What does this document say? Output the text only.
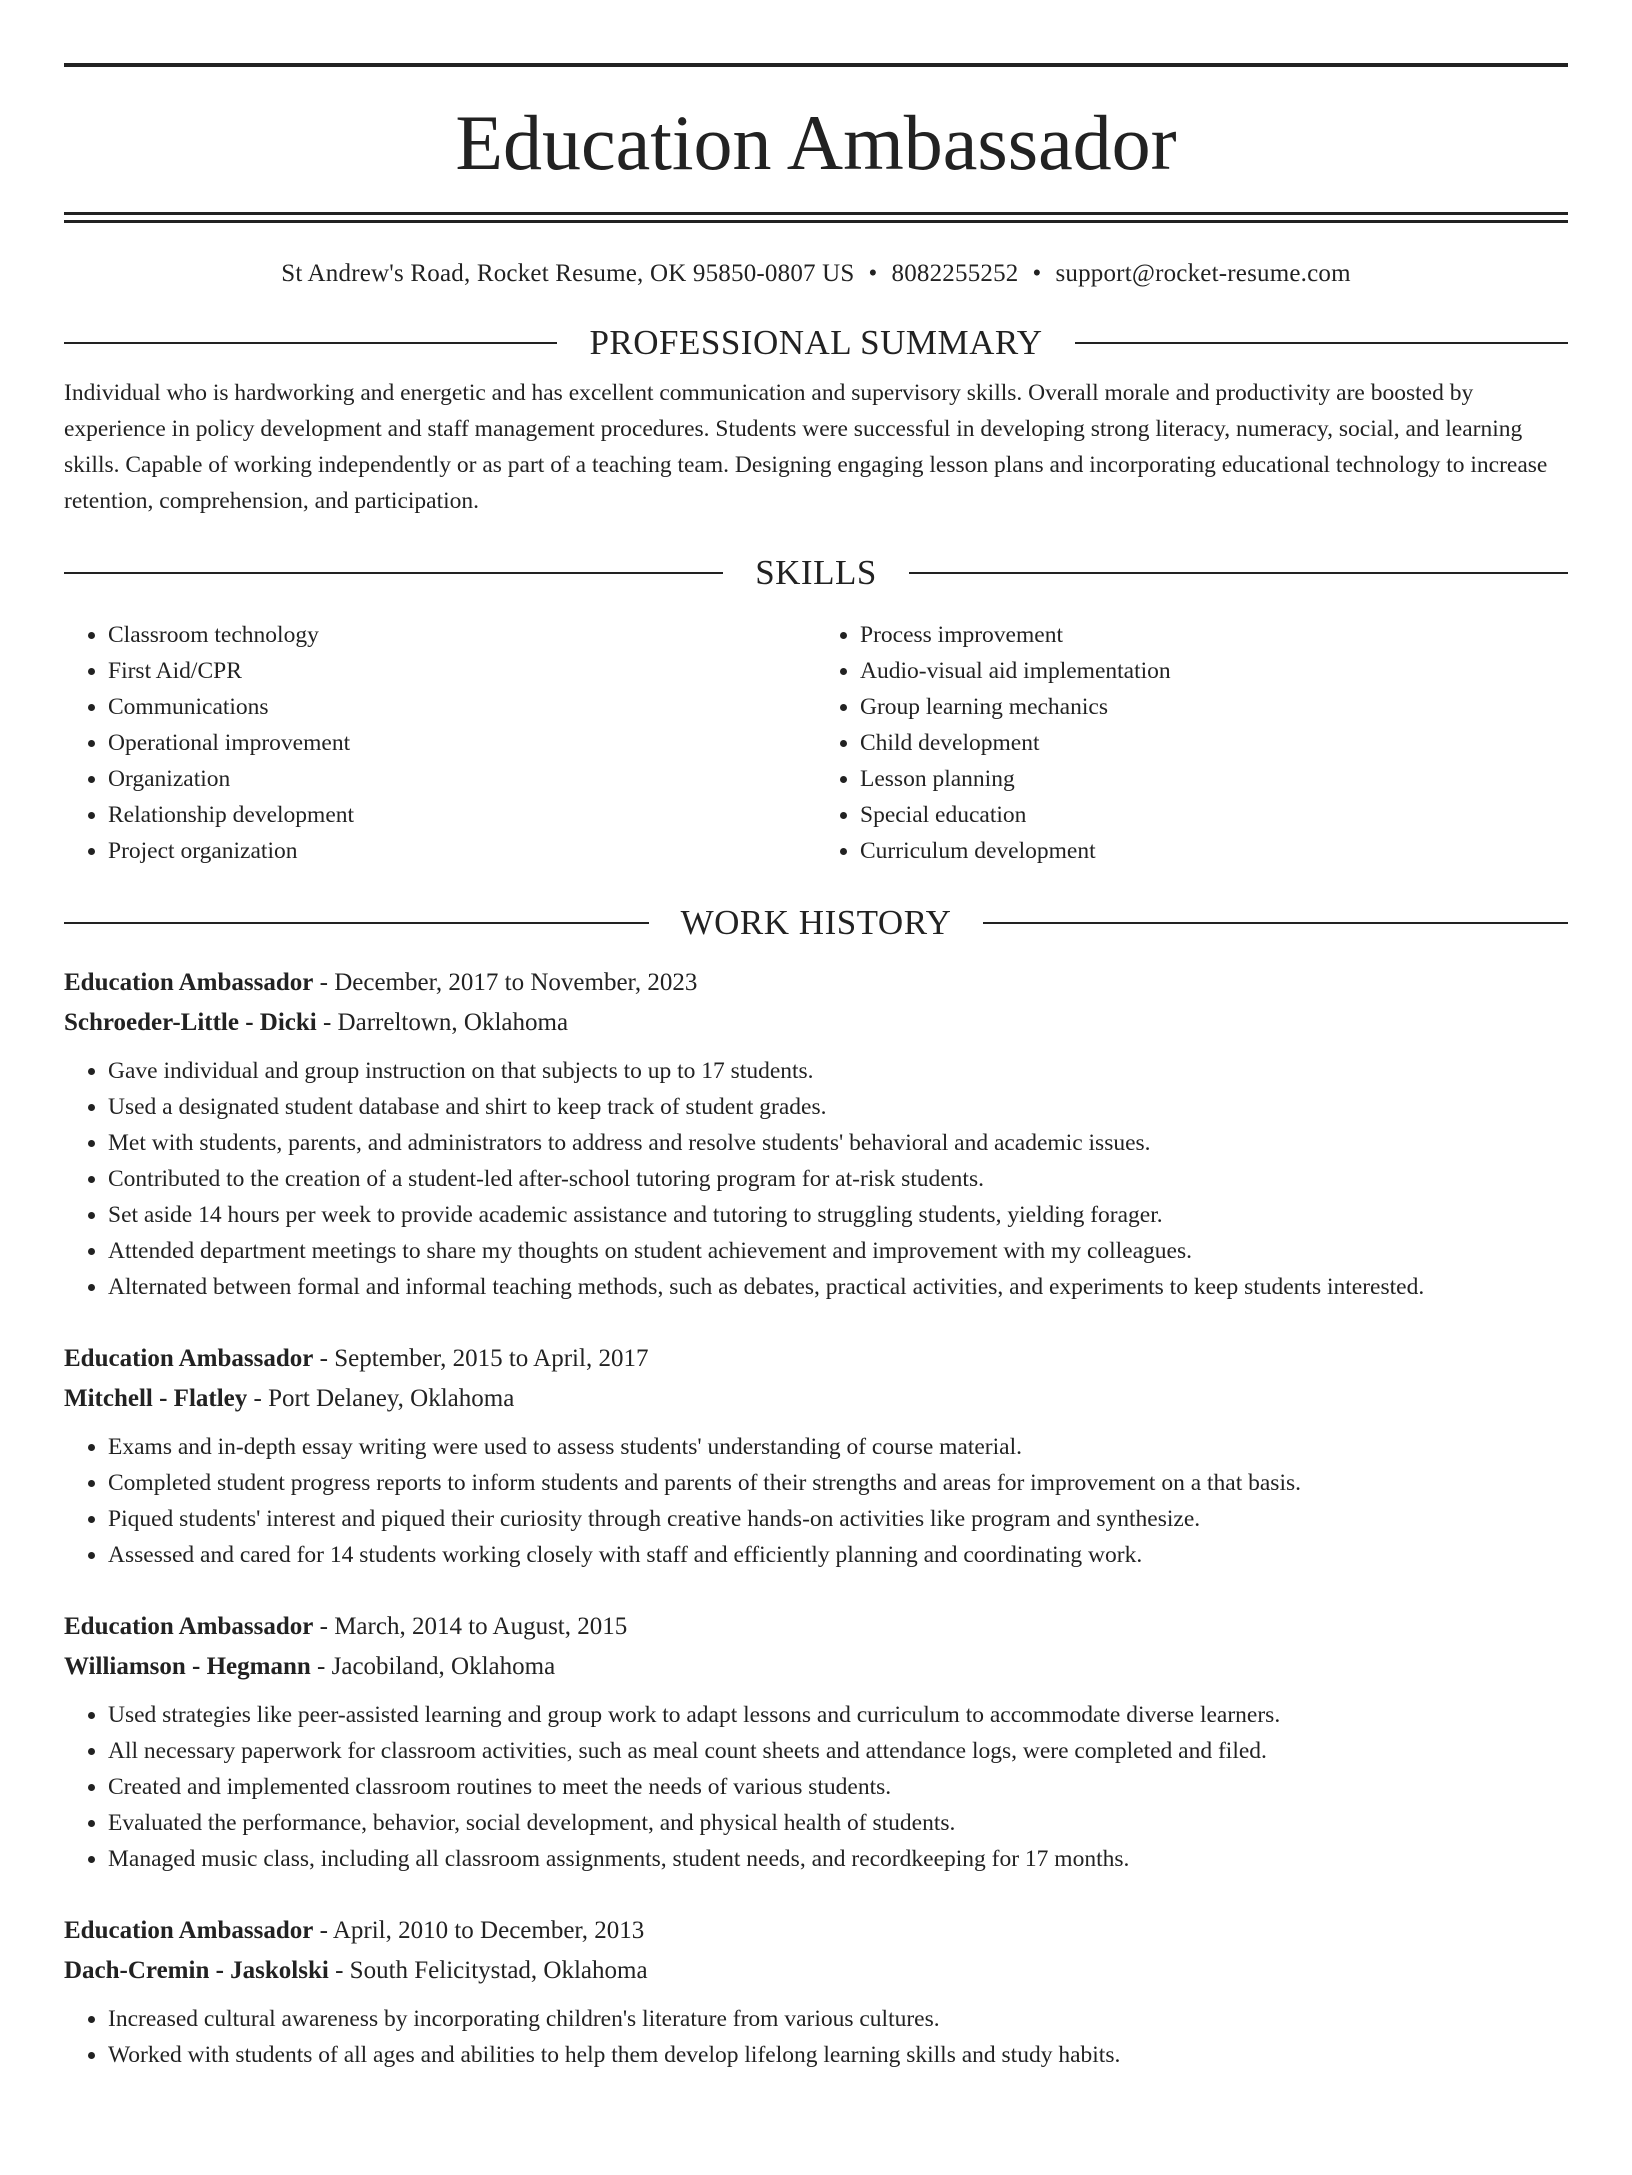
Education Ambassador
St Andrew's Road, Rocket Resume, OK 95850-0807 US • 8082255252 • support@rocket-resume.com
PROFESSIONAL SUMMARY
Individual who is hardworking and energetic and has excellent communication and supervisory skills. Overall morale and productivity are boosted by experience in policy development and staff management procedures. Students were successful in developing strong literacy, numeracy, social, and learning skills. Capable of working independently or as part of a teaching team. Designing engaging lesson plans and incorporating educational technology to increase retention, comprehension, and participation.
SKILLS
• Classroom technology
• First Aid/CPR
• Communications
• Operational improvement
• Organization
• Relationship development
• Project organization
• Process improvement
• Audio-visual aid implementation
• Group learning mechanics
• Child development
• Lesson planning
• Special education
• Curriculum development
WORK HISTORY
Education Ambassador - December, 2017 to November, 2023
Schroeder-Little - Dicki - Darreltown, Oklahoma
• Gave individual and group instruction on that subjects to up to 17 students.
• Used a designated student database and shirt to keep track of student grades.
• Met with students, parents, and administrators to address and resolve students' behavioral and academic issues.
• Contributed to the creation of a student-led after-school tutoring program for at-risk students.
• Set aside 14 hours per week to provide academic assistance and tutoring to struggling students, yielding forager.
• Attended department meetings to share my thoughts on student achievement and improvement with my colleagues.
• Alternated between formal and informal teaching methods, such as debates, practical activities, and experiments to keep students interested.
Education Ambassador - September, 2015 to April, 2017
Mitchell - Flatley - Port Delaney, Oklahoma
• Exams and in-depth essay writing were used to assess students' understanding of course material.
• Completed student progress reports to inform students and parents of their strengths and areas for improvement on a that basis.
• Piqued students' interest and piqued their curiosity through creative hands-on activities like program and synthesize.
• Assessed and cared for 14 students working closely with staff and efficiently planning and coordinating work.
Education Ambassador - March, 2014 to August, 2015
Williamson - Hegmann - Jacobiland, Oklahoma
• Used strategies like peer-assisted learning and group work to adapt lessons and curriculum to accommodate diverse learners.
• All necessary paperwork for classroom activities, such as meal count sheets and attendance logs, were completed and filed.
• Created and implemented classroom routines to meet the needs of various students.
• Evaluated the performance, behavior, social development, and physical health of students.
• Managed music class, including all classroom assignments, student needs, and recordkeeping for 17 months.
Education Ambassador - April, 2010 to December, 2013
Dach-Cremin - Jaskolski - South Felicitystad, Oklahoma
• Increased cultural awareness by incorporating children's literature from various cultures.
• Worked with students of all ages and abilities to help them develop lifelong learning skills and study habits.
